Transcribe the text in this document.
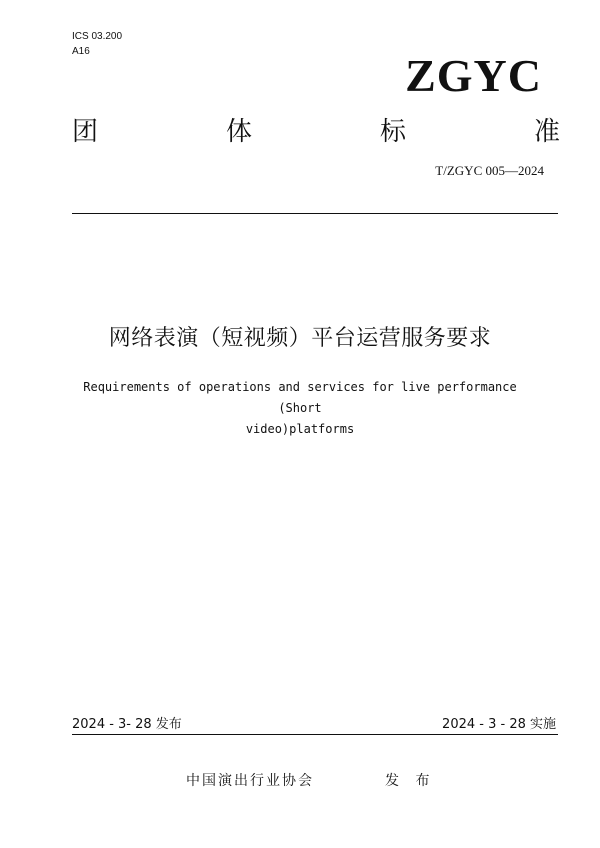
ICS 03.200
A16	ZGYC
团	体	标	准
T/ZGYC 005—2024
网络表演（短视频）平台运营服务要求
Requirements of operations and services for live performance (Short
video)platforms
2024 - 3- 28 发布	2024 - 3 - 28 实施
中国演出行业协会	发 布
